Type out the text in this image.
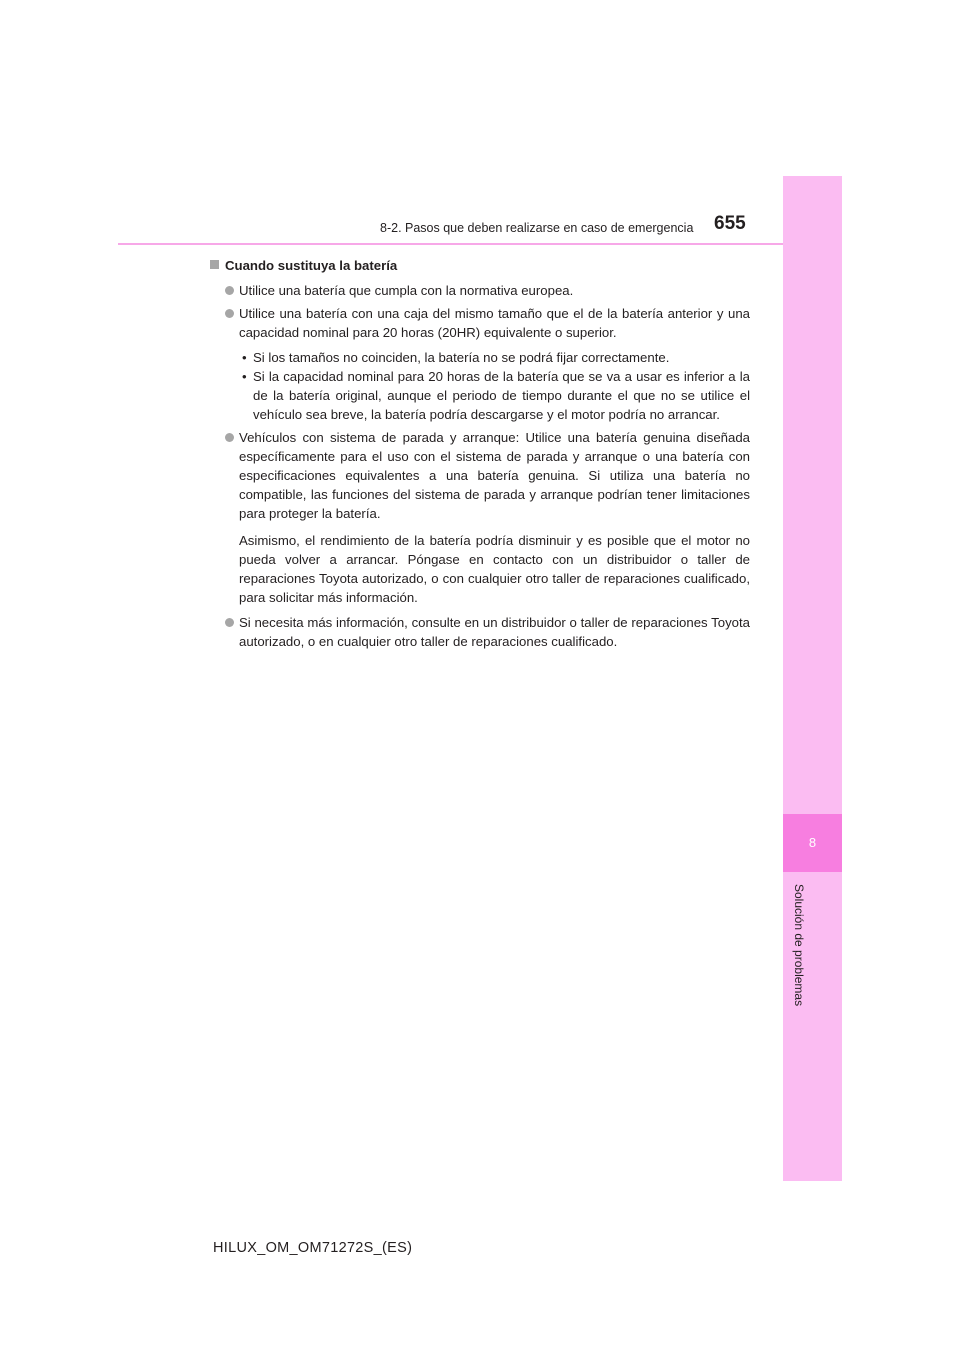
8-2. Pasos que deben realizarse en caso de emergencia	655
8
Solución de problemas
Cuando sustituya la batería
Utilice una batería que cumpla con la normativa europea.
Utilice una batería con una caja del mismo tamaño que el de la batería anterior y una capacidad nominal para 20 horas (20HR) equivalente o superior.
• Si los tamaños no coinciden, la batería no se podrá fijar correctamente.
• Si la capacidad nominal para 20 horas de la batería que se va a usar es inferior a la de la batería original, aunque el periodo de tiempo durante el que no se utilice el vehículo sea breve, la batería podría descargarse y el motor podría no arrancar.
Vehículos con sistema de parada y arranque: Utilice una batería genuina diseñada específicamente para el uso con el sistema de parada y arranque o una batería con especificaciones equivalentes a una batería genuina. Si utiliza una batería no compatible, las funciones del sistema de parada y arranque podrían tener limitaciones para proteger la batería.

Asimismo, el rendimiento de la batería podría disminuir y es posible que el motor no pueda volver a arrancar. Póngase en contacto con un distribuidor o taller de reparaciones Toyota autorizado, o con cualquier otro taller de reparaciones cualificado, para solicitar más información.

Si necesita más información, consulte en un distribuidor o taller de reparaciones Toyota autorizado, o en cualquier otro taller de reparaciones cualificado.
HILUX_OM_OM71272S_(ES)
